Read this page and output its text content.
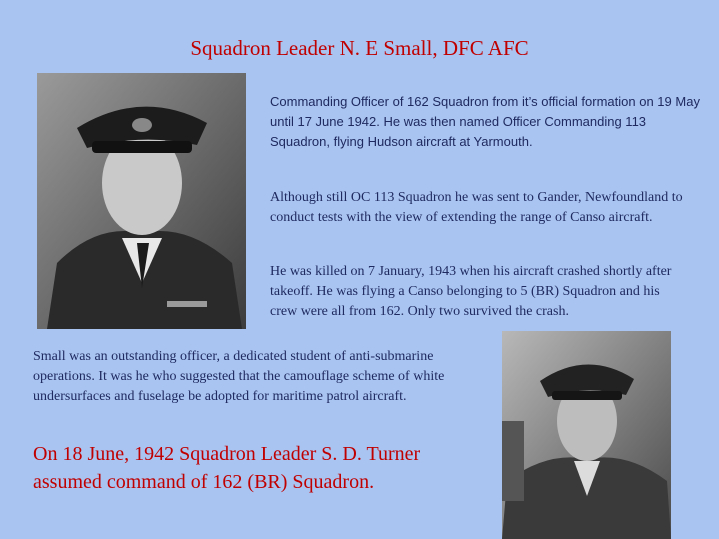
Squadron Leader N. E Small, DFC AFC
Commanding Officer of 162 Squadron from it’s official formation on 19 May until 17 June 1942. He was then named Officer Commanding 113 Squadron, flying Hudson aircraft at Yarmouth.
Although still OC 113 Squadron he was sent to Gander, Newfoundland to conduct tests with the view of extending the range of Canso aircraft.
He was killed on 7 January, 1943 when his aircraft crashed shortly after takeoff. He was flying a Canso belonging to 5 (BR) Squadron and his crew were all from 162. Only two survived the crash.
Small was an outstanding officer, a dedicated student of anti-submarine operations. It was he who suggested that the camouflage scheme of white undersurfaces and fuselage be adopted for maritime patrol aircraft.
On 18 June, 1942 Squadron Leader S. D. Turner assumed command of 162 (BR) Squadron.
